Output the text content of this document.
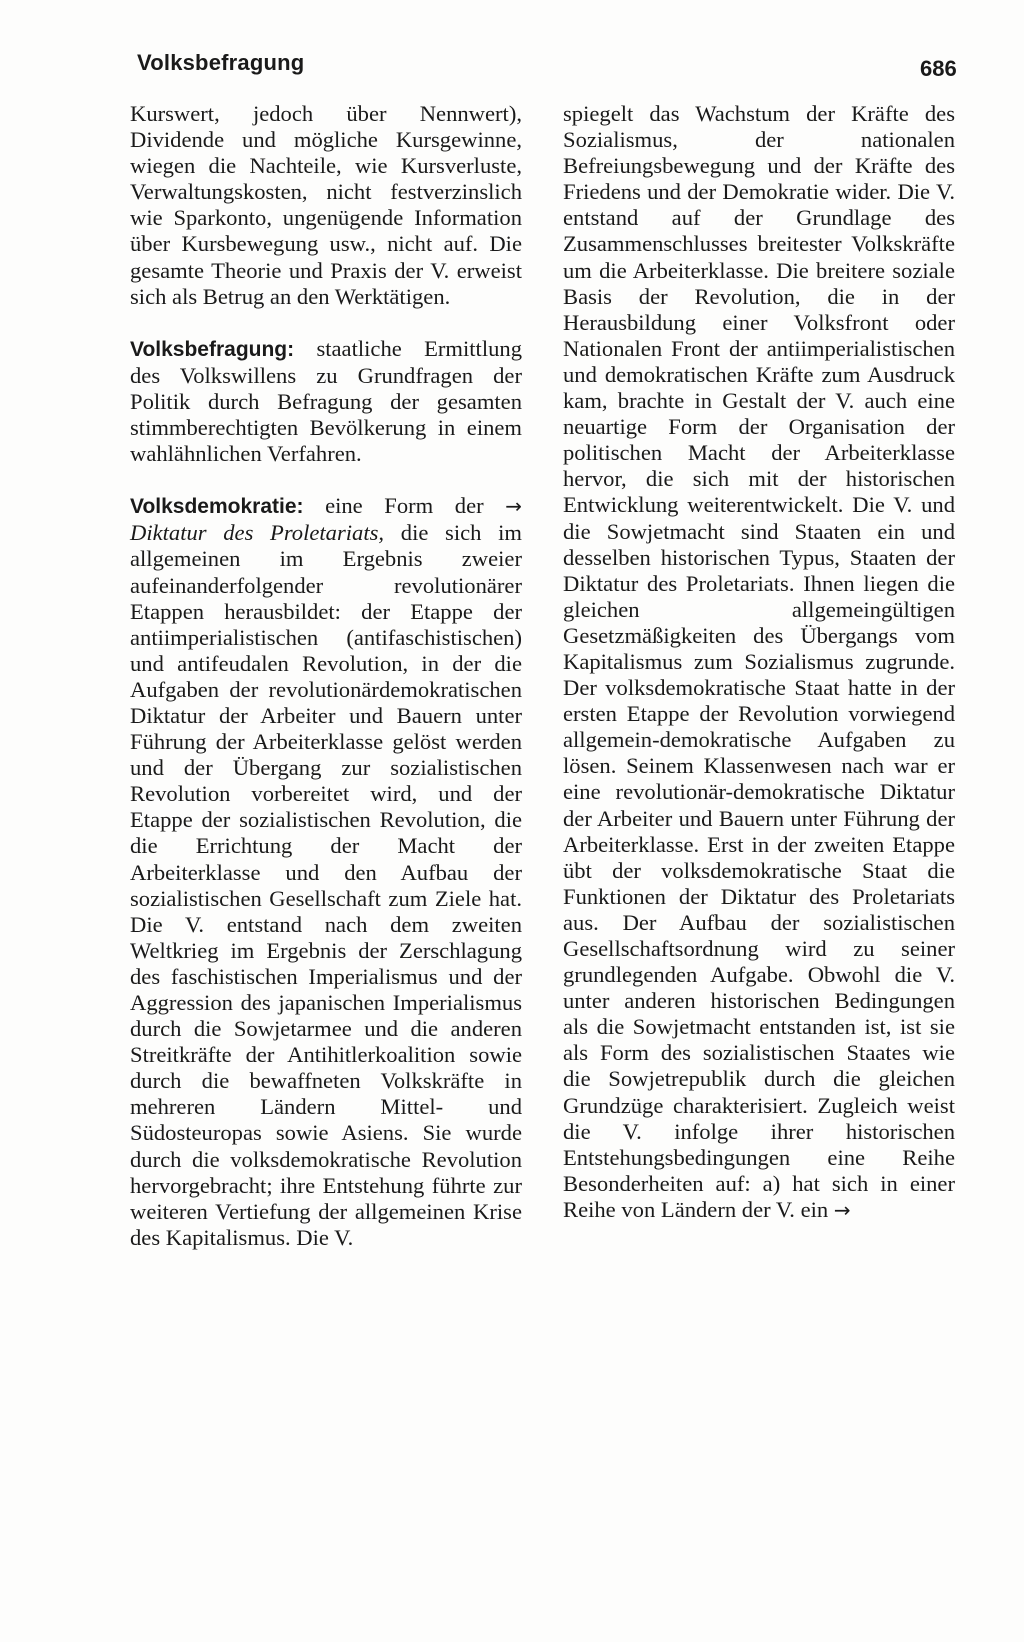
Volksbefragung	686

Kurswert, jedoch über Nennwert), Dividende und mögliche Kursgewinne, wiegen die Nachteile, wie Kursverluste, Verwaltungskosten, nicht festverzinslich wie Sparkonto, ungenügende Information über Kursbewegung usw., nicht auf. Die gesamte Theorie und Praxis der V. erweist sich als Betrug an den Werktätigen.

Volksbefragung: staatliche Ermittlung des Volkswillens zu Grundfragen der Politik durch Befragung der gesamten stimmberechtigten Bevölkerung in einem wahlähnlichen Verfahren.

Volksdemokratie: eine Form der → Diktatur des Proletariats, die sich im allgemeinen im Ergebnis zweier aufeinanderfolgender revolutionärer Etappen herausbildet: der Etappe der antiimperialistischen (antifaschistischen) und antifeudalen Revolution, in der die Aufgaben der revolutionärdemokratischen Diktatur der Arbeiter und Bauern unter Führung der Arbeiterklasse gelöst werden und der Übergang zur sozialistischen Revolution vorbereitet wird, und der Etappe der sozialistischen Revolution, die die Errichtung der Macht der Arbeiterklasse und den Aufbau der sozialistischen Gesellschaft zum Ziele hat. Die V. entstand nach dem zweiten Weltkrieg im Ergebnis der Zerschlagung des faschistischen Imperialismus und der Aggression des japanischen Imperialismus durch die Sowjetarmee und die anderen Streitkräfte der Antihitlerkoalition sowie durch die bewaffneten Volkskräfte in mehreren Ländern Mittel- und Südosteuropas sowie Asiens. Sie wurde durch die volksdemokratische Revolution hervorgebracht; ihre Entstehung führte zur weiteren Vertiefung der allgemeinen Krise des Kapitalismus. Die V.

spiegelt das Wachstum der Kräfte des Sozialismus, der nationalen Befreiungsbewegung und der Kräfte des Friedens und der Demokratie wider. Die V. entstand auf der Grundlage des Zusammenschlusses breitester Volkskräfte um die Arbeiterklasse. Die breitere soziale Basis der Revolution, die in der Herausbildung einer Volksfront oder Nationalen Front der antiimperialistischen und demokratischen Kräfte zum Ausdruck kam, brachte in Gestalt der V. auch eine neuartige Form der Organisation der politischen Macht der Arbeiterklasse hervor, die sich mit der historischen Entwicklung weiterentwickelt. Die V. und die Sowjetmacht sind Staaten ein und desselben historischen Typus, Staaten der Diktatur des Proletariats. Ihnen liegen die gleichen allgemeingültigen Gesetzmäßigkeiten des Übergangs vom Kapitalismus zum Sozialismus zugrunde. Der volksdemokratische Staat hatte in der ersten Etappe der Revolution vorwiegend allgemein-demokratische Aufgaben zu lösen. Seinem Klassenwesen nach war er eine revolutionär-demokratische Diktatur der Arbeiter und Bauern unter Führung der Arbeiterklasse. Erst in der zweiten Etappe übt der volksdemokratische Staat die Funktionen der Diktatur des Proletariats aus. Der Aufbau der sozialistischen Gesellschaftsordnung wird zu seiner grundlegenden Aufgabe. Obwohl die V. unter anderen historischen Bedingungen als die Sowjetmacht entstanden ist, ist sie als Form des sozialistischen Staates wie die Sowjetrepublik durch die gleichen Grundzüge charakterisiert. Zugleich weist die V. infolge ihrer historischen Entstehungsbedingungen eine Reihe Besonderheiten auf: a) hat sich in einer Reihe von Ländern der V. ein →
